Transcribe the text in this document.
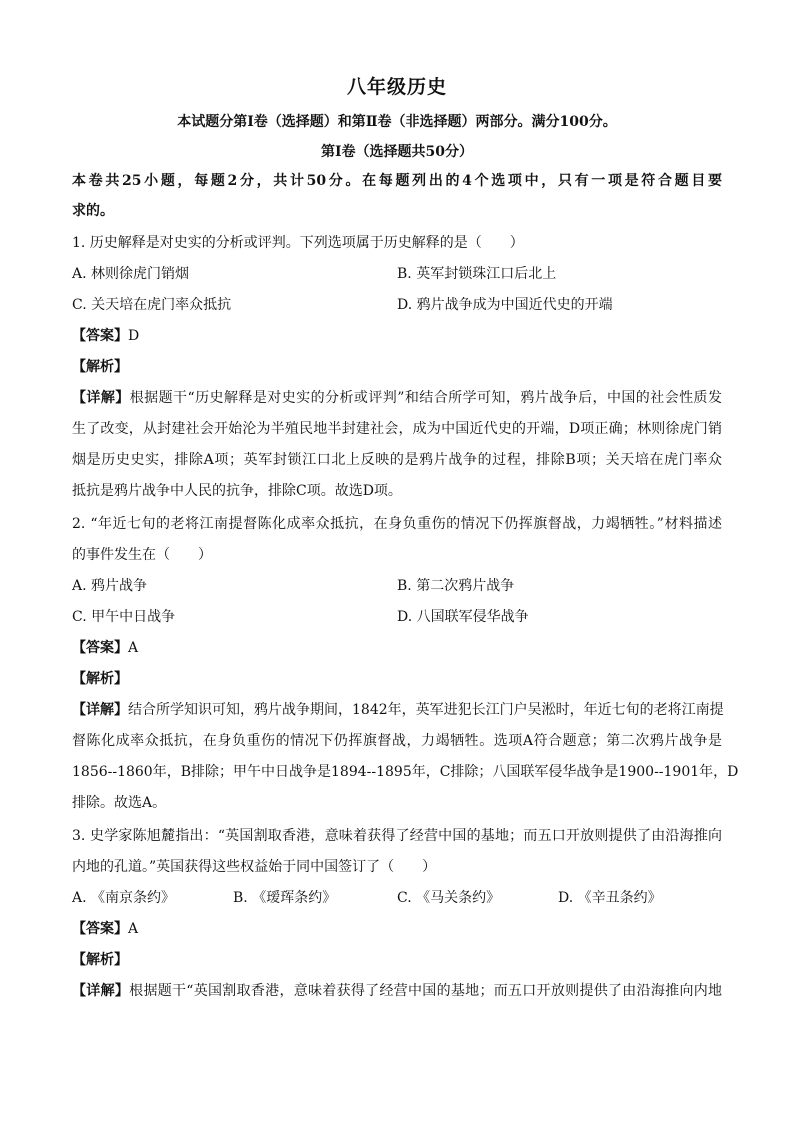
八年级历史
本试题分第Ⅰ卷（选择题）和第Ⅱ卷（非选择题）两部分。满分100分。
第Ⅰ卷（选择题共50分）
本卷共25小题，每题2分，共计50分。在每题列出的4个选项中，只有一项是符合题目要
求的。
1. 历史解释是对史实的分析或评判。下列选项属于历史解释的是（　　）
A. 林则徐虎门销烟	B. 英军封锁珠江口后北上
C. 关天培在虎门率众抵抗	D. 鸦片战争成为中国近代史的开端
【答案】D
【解析】
【详解】根据题干“历史解释是对史实的分析或评判”和结合所学可知，鸦片战争后，中国的社会性质发
生了改变，从封建社会开始沦为半殖民地半封建社会，成为中国近代史的开端，D项正确；林则徐虎门销
烟是历史史实，排除A项；英军封锁江口北上反映的是鸦片战争的过程，排除B项；关天培在虎门率众
抵抗是鸦片战争中人民的抗争，排除C项。故选D项。
2. “年近七旬的老将江南提督陈化成率众抵抗，在身负重伤的情况下仍挥旗督战，力竭牺牲。”材料描述
的事件发生在（　　）
A. 鸦片战争	B. 第二次鸦片战争
C. 甲午中日战争	D. 八国联军侵华战争
【答案】A
【解析】
【详解】结合所学知识可知，鸦片战争期间，1842年，英军进犯长江门户吴淞时，年近七旬的老将江南提
督陈化成率众抵抗，在身负重伤的情况下仍挥旗督战，力竭牺牲。选项A符合题意；第二次鸦片战争是
1856--1860年，B排除；甲午中日战争是1894--1895年，C排除；八国联军侵华战争是1900--1901年，D
排除。故选A。
3. 史学家陈旭麓指出：“英国割取香港，意味着获得了经营中国的基地；而五口开放则提供了由沿海推向
内地的孔道。”英国获得这些权益始于同中国签订了（　　）
A. 《南京条约》	B. 《瑷珲条约》	C. 《马关条约》	D. 《辛丑条约》
【答案】A
【解析】
【详解】根据题干“英国割取香港，意味着获得了经营中国的基地；而五口开放则提供了由沿海推向内地
